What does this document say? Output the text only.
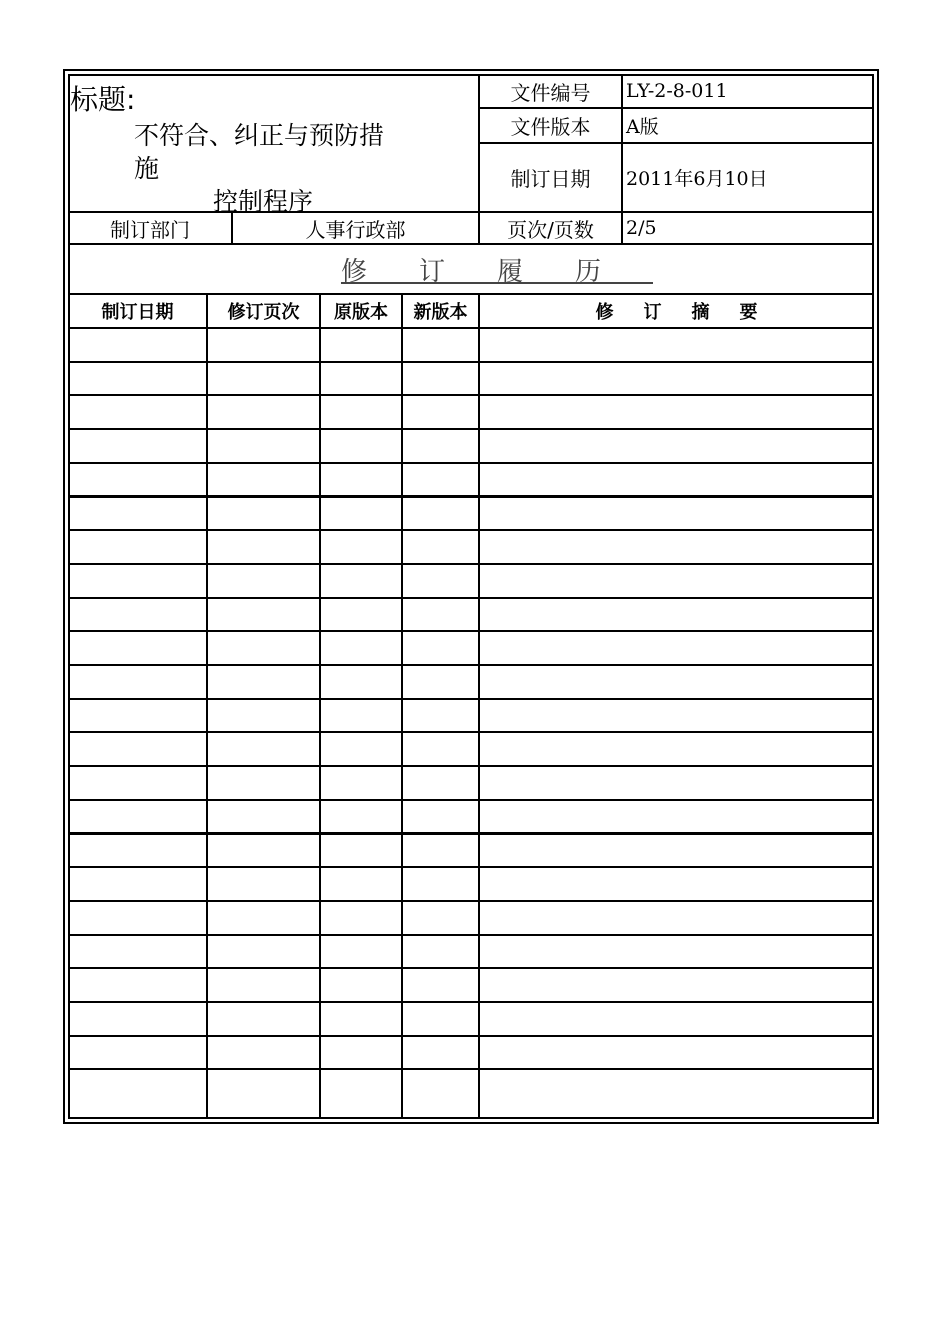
标题:
不符合、纠正与预防措
施
控制程序
文件编号	LY-2-8-011
文件版本	A版
制订日期	2011年6月10日
制订部门	人事行政部	页次/页数	2/5
修订履历
制订日期	修订页次	原版本	新版本	修订摘要
